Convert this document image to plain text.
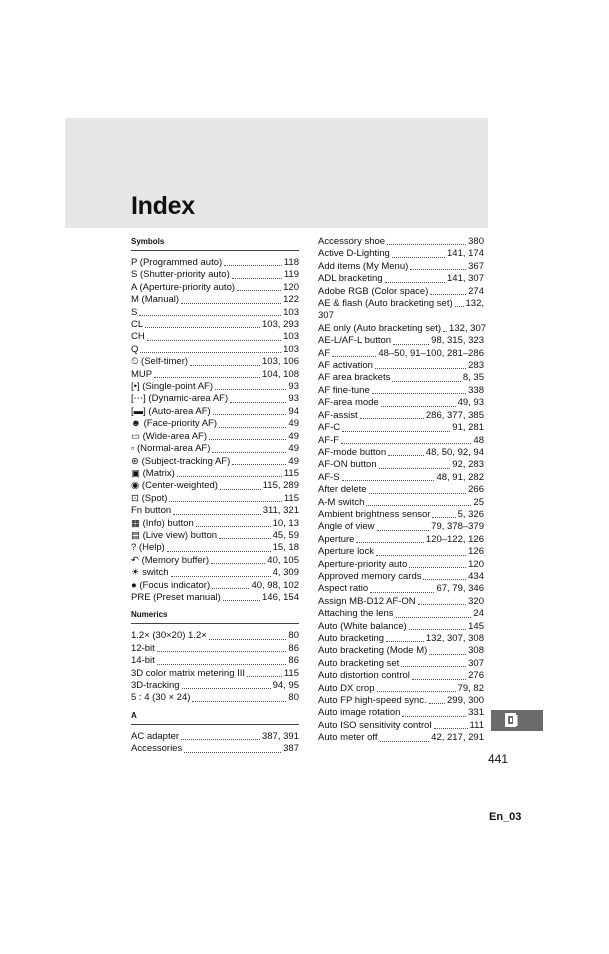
Index
Symbols
P (Programmed auto)	118
S (Shutter-priority auto)	119
A (Aperture-priority auto)	120
M (Manual)	122
S	103
CL	103, 293
CH	103
Q	103
⏲ (Self-timer)	103, 106
MUP	104, 108
[•] (Single-point AF)	93
[⋯] (Dynamic-area AF)	93
[▬] (Auto-area AF)	94
☻ (Face-priority AF)	49
▭ (Wide-area AF)	49
▫ (Normal-area AF)	49
⊛ (Subject-tracking AF)	49
▣ (Matrix)	115
◉ (Center-weighted)	115, 289
⊡ (Spot)	115
Fn button	311, 321
▦ (Info) button	10, 13
▤ (Live view) button	45, 59
? (Help)	15, 18
↶ (Memory buffer)	40, 105
☀ switch	4, 309
● (Focus indicator)	40, 98, 102
PRE (Preset manual)	146, 154
Numerics
1.2× (30×20) 1.2×	80
12-bit	86
14-bit	86
3D color matrix metering III	115
3D-tracking	94, 95
5 : 4 (30 × 24)	80
A
AC adapter	387, 391
Accessories	387
Accessory shoe	380
Active D-Lighting	141, 174
Add items (My Menu)	367
ADL bracketing	141, 307
Adobe RGB (Color space)	274
AE & flash (Auto bracketing set) 132,
307
AE only (Auto bracketing set) 132, 307
AE-L/AF-L button	98, 315, 323
AF	48–50, 91–100, 281–286
AF activation	283
AF area brackets	8, 35
AF fine-tune	338
AF-area mode	49, 93
AF-assist	286, 377, 385
AF-C	91, 281
AF-F	48
AF-mode button	48, 50, 92, 94
AF-ON button	92, 283
AF-S	48, 91, 282
After delete	266
A-M switch	25
Ambient brightness sensor	5, 326
Angle of view	79, 378–379
Aperture	120–122, 126
Aperture lock	126
Aperture-priority auto	120
Approved memory cards	434
Aspect ratio	67, 79, 346
Assign MB-D12 AF-ON	320
Attaching the lens	24
Auto (White balance)	145
Auto bracketing	132, 307, 308
Auto bracketing (Mode M)	308
Auto bracketing set	307
Auto distortion control	276
Auto DX crop	79, 82
Auto FP high-speed sync. 299, 300
Auto image rotation	331
Auto ISO sensitivity control	111
Auto meter off	42, 217, 291
441
En_03
